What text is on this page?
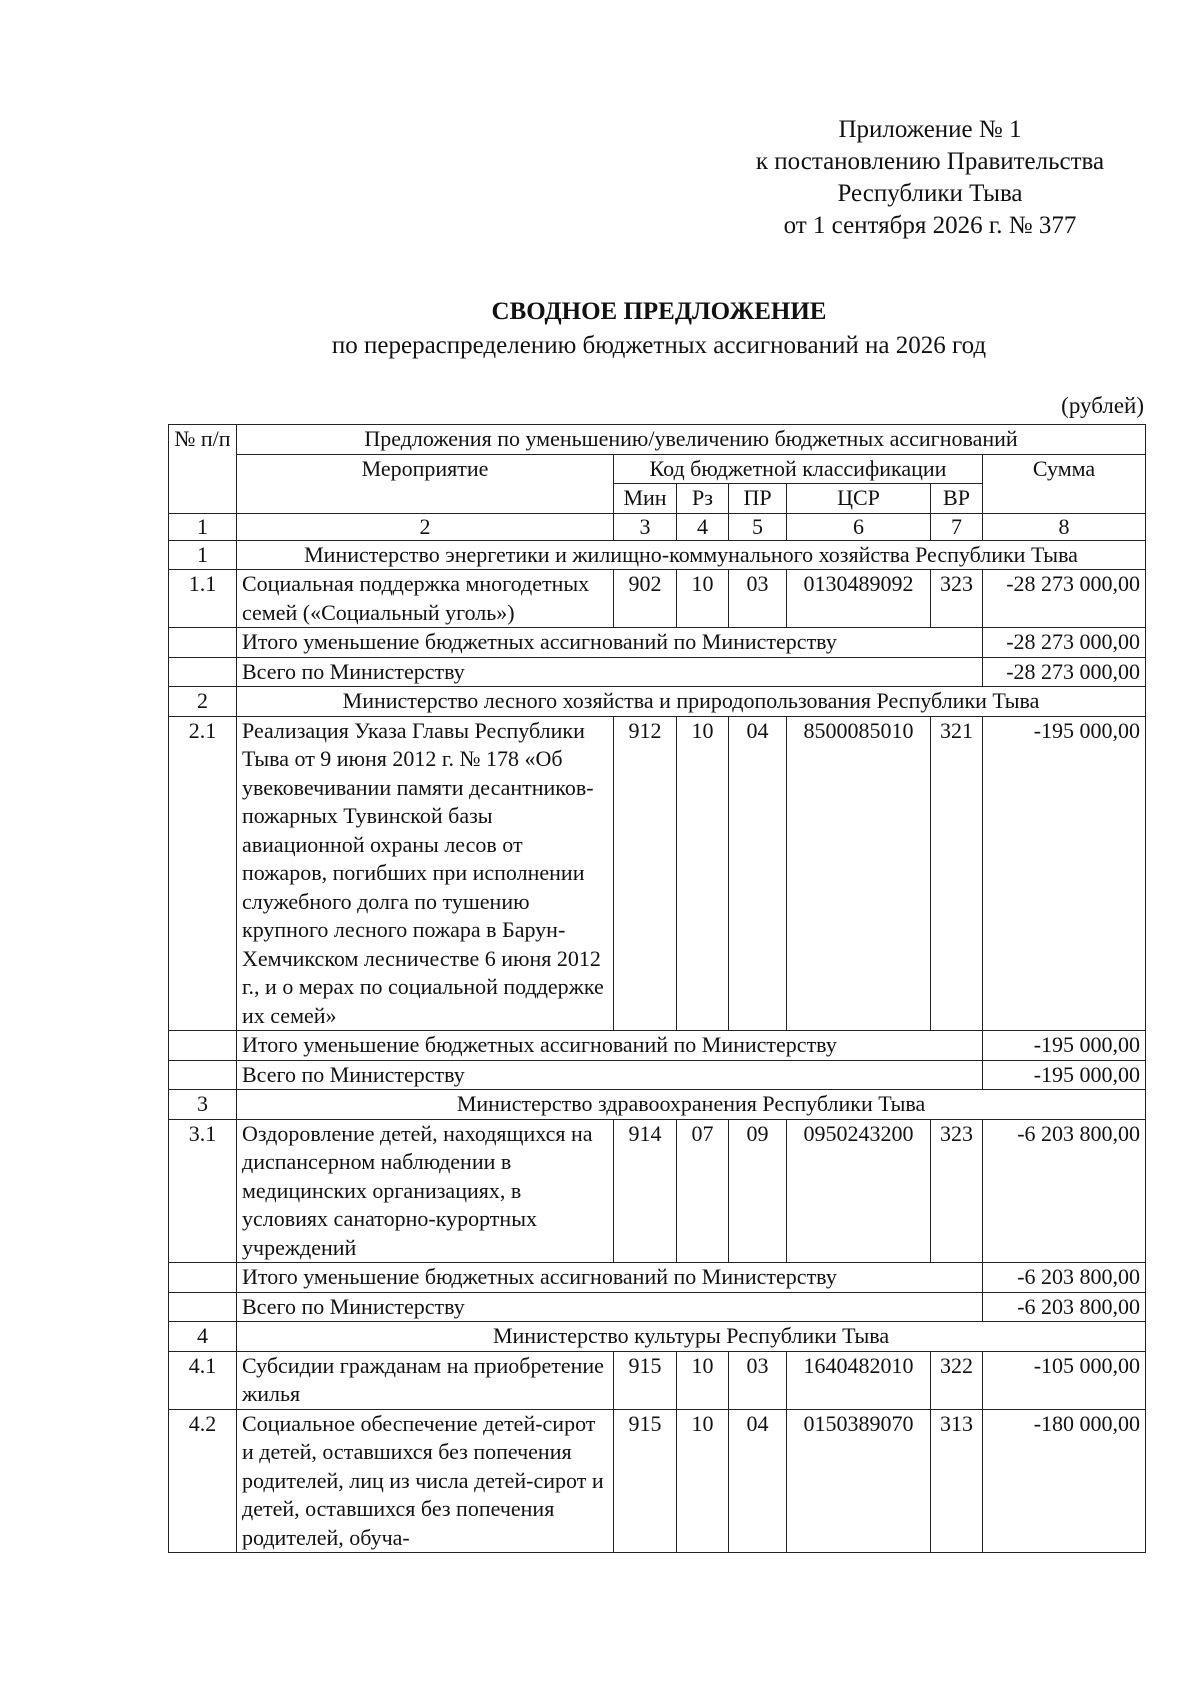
Приложение № 1
к постановлению Правительства
Республики Тыва
от 1 сентября 2026 г. № 377
СВОДНОЕ ПРЕДЛОЖЕНИЕ
по перераспределению бюджетных ассигнований на 2026 год
(рублей)
№ п/п	Предложения по уменьшению/увеличению бюджетных ассигнований						
	Мероприятие	Код бюджетной классификации					Сумма
		Мин	Рз	ПР	ЦСР	ВР	
1	2	3	4	5	6	7	8
1	Министерство энергетики и жилищно-коммунального хозяйства Республики Тыва						
1.1	Социальная поддержка многодетных семей («Социальный уголь»)	902	10	03	0130489092	323	-28 273 000,00
	Итого уменьшение бюджетных ассигнований по Министерству						-28 273 000,00
	Всего по Министерству						-28 273 000,00
2	Министерство лесного хозяйства и природопользования Республики Тыва						
2.1	Реализация Указа Главы Республики Тыва от 9 июня 2012 г. № 178 «Об увековечивании памяти десантников-пожарных Тувинской базы авиационной охраны лесов от пожаров, погибших при исполнении служебного долга по тушению крупного лесного пожара в Барун-Хемчикском лесничестве 6 июня 2012 г., и о мерах по социальной поддержке их семей»	912	10	04	8500085010	321	-195 000,00
	Итого уменьшение бюджетных ассигнований по Министерству						-195 000,00
	Всего по Министерству						-195 000,00
3	Министерство здравоохранения Республики Тыва						
3.1	Оздоровление детей, находящихся на диспансерном наблюдении в медицинских организациях, в условиях санаторно-курортных учреждений	914	07	09	0950243200	323	-6 203 800,00
	Итого уменьшение бюджетных ассигнований по Министерству						-6 203 800,00
	Всего по Министерству						-6 203 800,00
4	Министерство культуры Республики Тыва						
4.1	Субсидии гражданам на приобретение жилья	915	10	03	1640482010	322	-105 000,00
4.2	Социальное обеспечение детей-сирот и детей, оставшихся без попечения родителей, лиц из числа детей-сирот и детей, оставшихся без попечения родителей, обуча-	915	10	04	0150389070	313	-180 000,00
